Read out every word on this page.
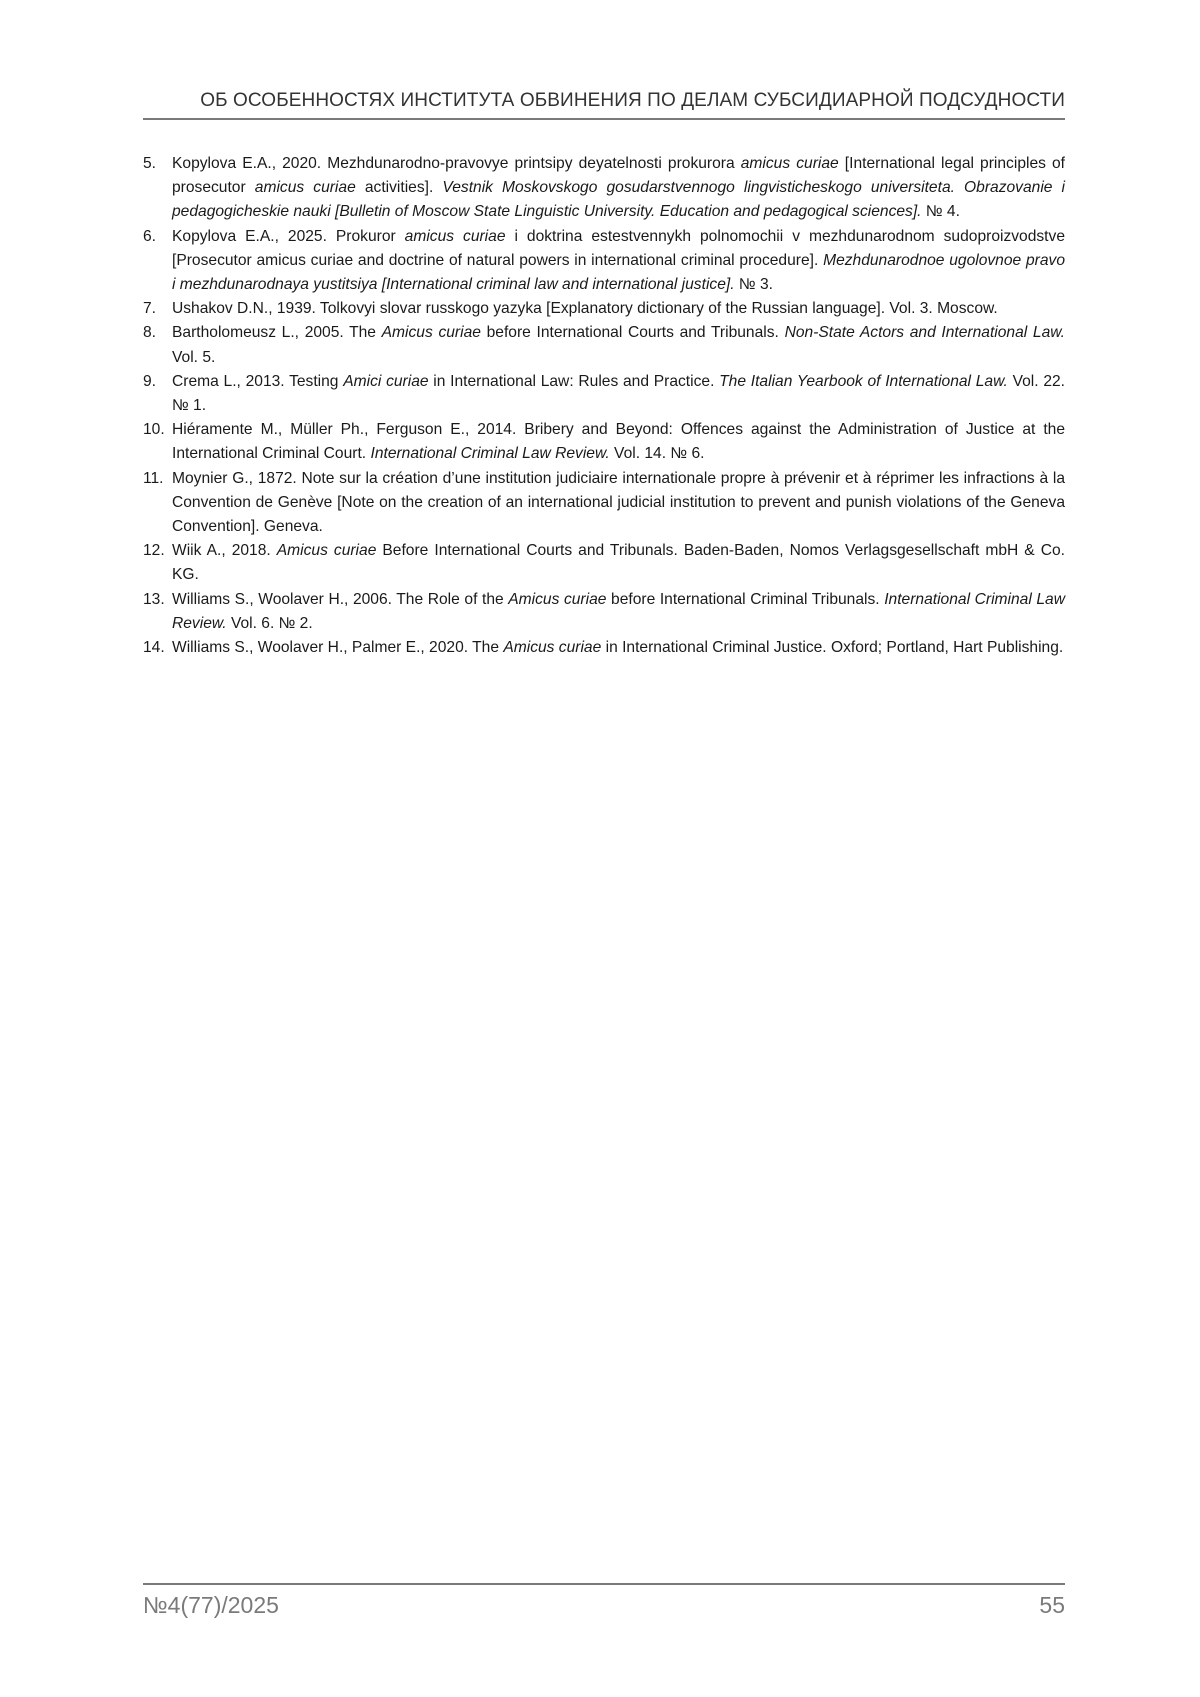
ОБ ОСОБЕННОСТЯХ ИНСТИТУТА ОБВИНЕНИЯ ПО ДЕЛАМ СУБСИДИАРНОЙ ПОДСУДНОСТИ
5. Kopylova E.A., 2020. Mezhdunarodno-pravovye printsipy deyatelnosti prokurora amicus curiae [International legal principles of prosecutor amicus curiae activities]. Vestnik Moskovskogo gosudarstvennogo lingvisticheskogo universiteta. Obrazovanie i pedagogicheskie nauki [Bulletin of Moscow State Linguistic University. Education and pedagogical sciences]. № 4.
6. Kopylova E.A., 2025. Prokuror amicus curiae i doktrina estestvennykh polnomochii v mezhdunarodnom sudoproizvodstve [Prosecutor amicus curiae and doctrine of natural powers in international criminal procedure]. Mezhdunarodnoe ugolovnoe pravo i mezhdunarodnaya yustitsiya [International criminal law and international justice]. № 3.
7. Ushakov D.N., 1939. Tolkovyi slovar russkogo yazyka [Explanatory dictionary of the Russian language]. Vol. 3. Moscow.
8. Bartholomeusz L., 2005. The Amicus curiae before International Courts and Tribunals. Non-State Actors and International Law. Vol. 5.
9. Crema L., 2013. Testing Amici curiae in International Law: Rules and Practice. The Italian Yearbook of International Law. Vol. 22. № 1.
10. Hiéramente M., Müller Ph., Ferguson E., 2014. Bribery and Beyond: Offences against the Administration of Justice at the International Criminal Court. International Criminal Law Review. Vol. 14. № 6.
11. Moynier G., 1872. Note sur la création d’une institution judiciaire internationale propre à prévenir et à réprimer les infractions à la Convention de Genève [Note on the creation of an international judicial institution to prevent and punish violations of the Geneva Convention]. Geneva.
12. Wiik A., 2018. Amicus curiae Before International Courts and Tribunals. Baden-Baden, Nomos Verlagsgesellschaft mbH & Co. KG.
13. Williams S., Woolaver H., 2006. The Role of the Amicus curiae before International Criminal Tribunals. International Criminal Law Review. Vol. 6. № 2.
14. Williams S., Woolaver H., Palmer E., 2020. The Amicus curiae in International Criminal Justice. Oxford; Portland, Hart Publishing.
№4(77)/2025	55
